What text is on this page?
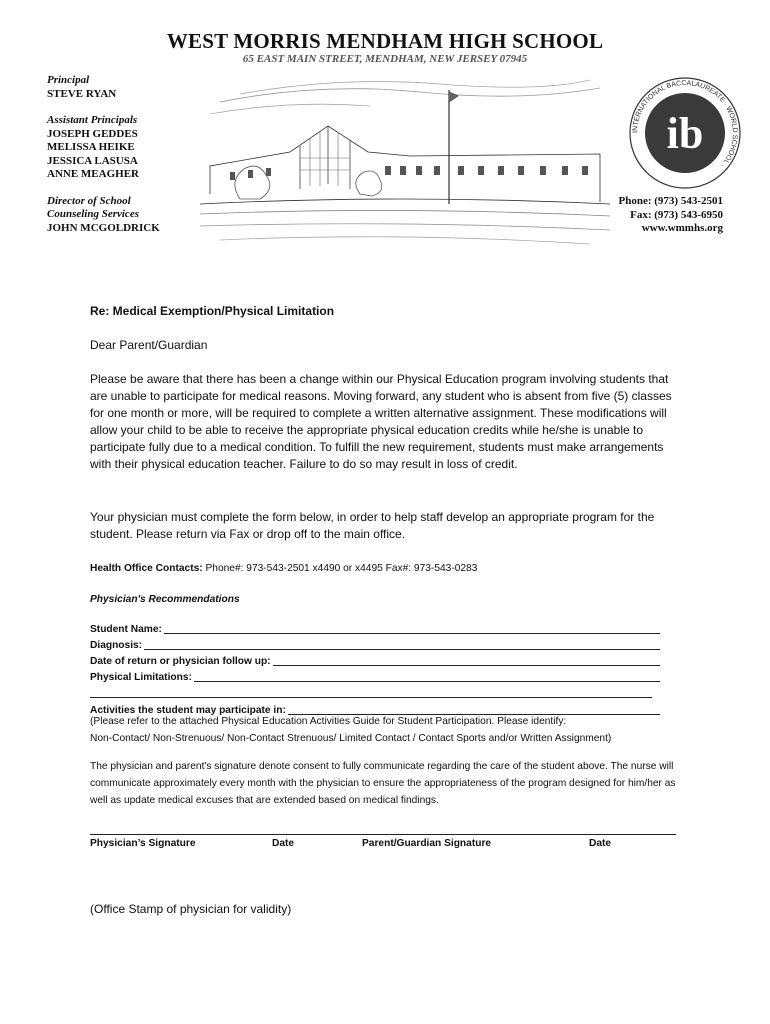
WEST MORRIS MENDHAM HIGH SCHOOL
65 EAST MAIN STREET, MENDHAM, NEW JERSEY 07945
Principal
STEVE RYAN
Assistant Principals
JOSEPH GEDDES
MELISSA HEIKE
JESSICA LASUSA
ANNE MEAGHER
Director of School
Counseling Services
JOHN MCGOLDRICK
ib
INTERNATIONAL BACCALAUREATE · WORLD SCHOOL ·
Phone: (973) 543-2501
Fax: (973) 543-6950
www.wmmhs.org
Re: Medical Exemption/Physical Limitation
Dear Parent/Guardian
Please be aware that there has been a change within our Physical Education program involving students that are unable to participate for medical reasons. Moving forward, any student who is absent from five (5) classes for one month or more, will be required to complete a written alternative assignment. These modifications will allow your child to be able to receive the appropriate physical education credits while he/she is unable to participate fully due to a medical condition. To fulfill the new requirement, students must make arrangements with their physical education teacher. Failure to do so may result in loss of credit.
Your physician must complete the form below, in order to help staff develop an appropriate program for the student. Please return via Fax or drop off to the main office.
Health Office Contacts: Phone#: 973-543-2501 x4490 or x4495 Fax#: 973-543-0283
Physician's Recommendations
Student Name:
Diagnosis:
Date of return or physician follow up:
Physical Limitations:
Activities the student may participate in:
(Please refer to the attached Physical Education Activities Guide for Student Participation. Please identify:
Non-Contact/ Non-Strenuous/ Non-Contact Strenuous/ Limited Contact / Contact Sports and/or Written Assignment)
The physician and parent's signature denote consent to fully communicate regarding the care of the student above. The nurse will communicate approximately every month with the physician to ensure the appropriateness of the program designed for him/her as well as update medical excuses that are extended based on medical findings.
Physician’s Signature	Date	Parent/Guardian Signature	Date
(Office Stamp of physician for validity)
